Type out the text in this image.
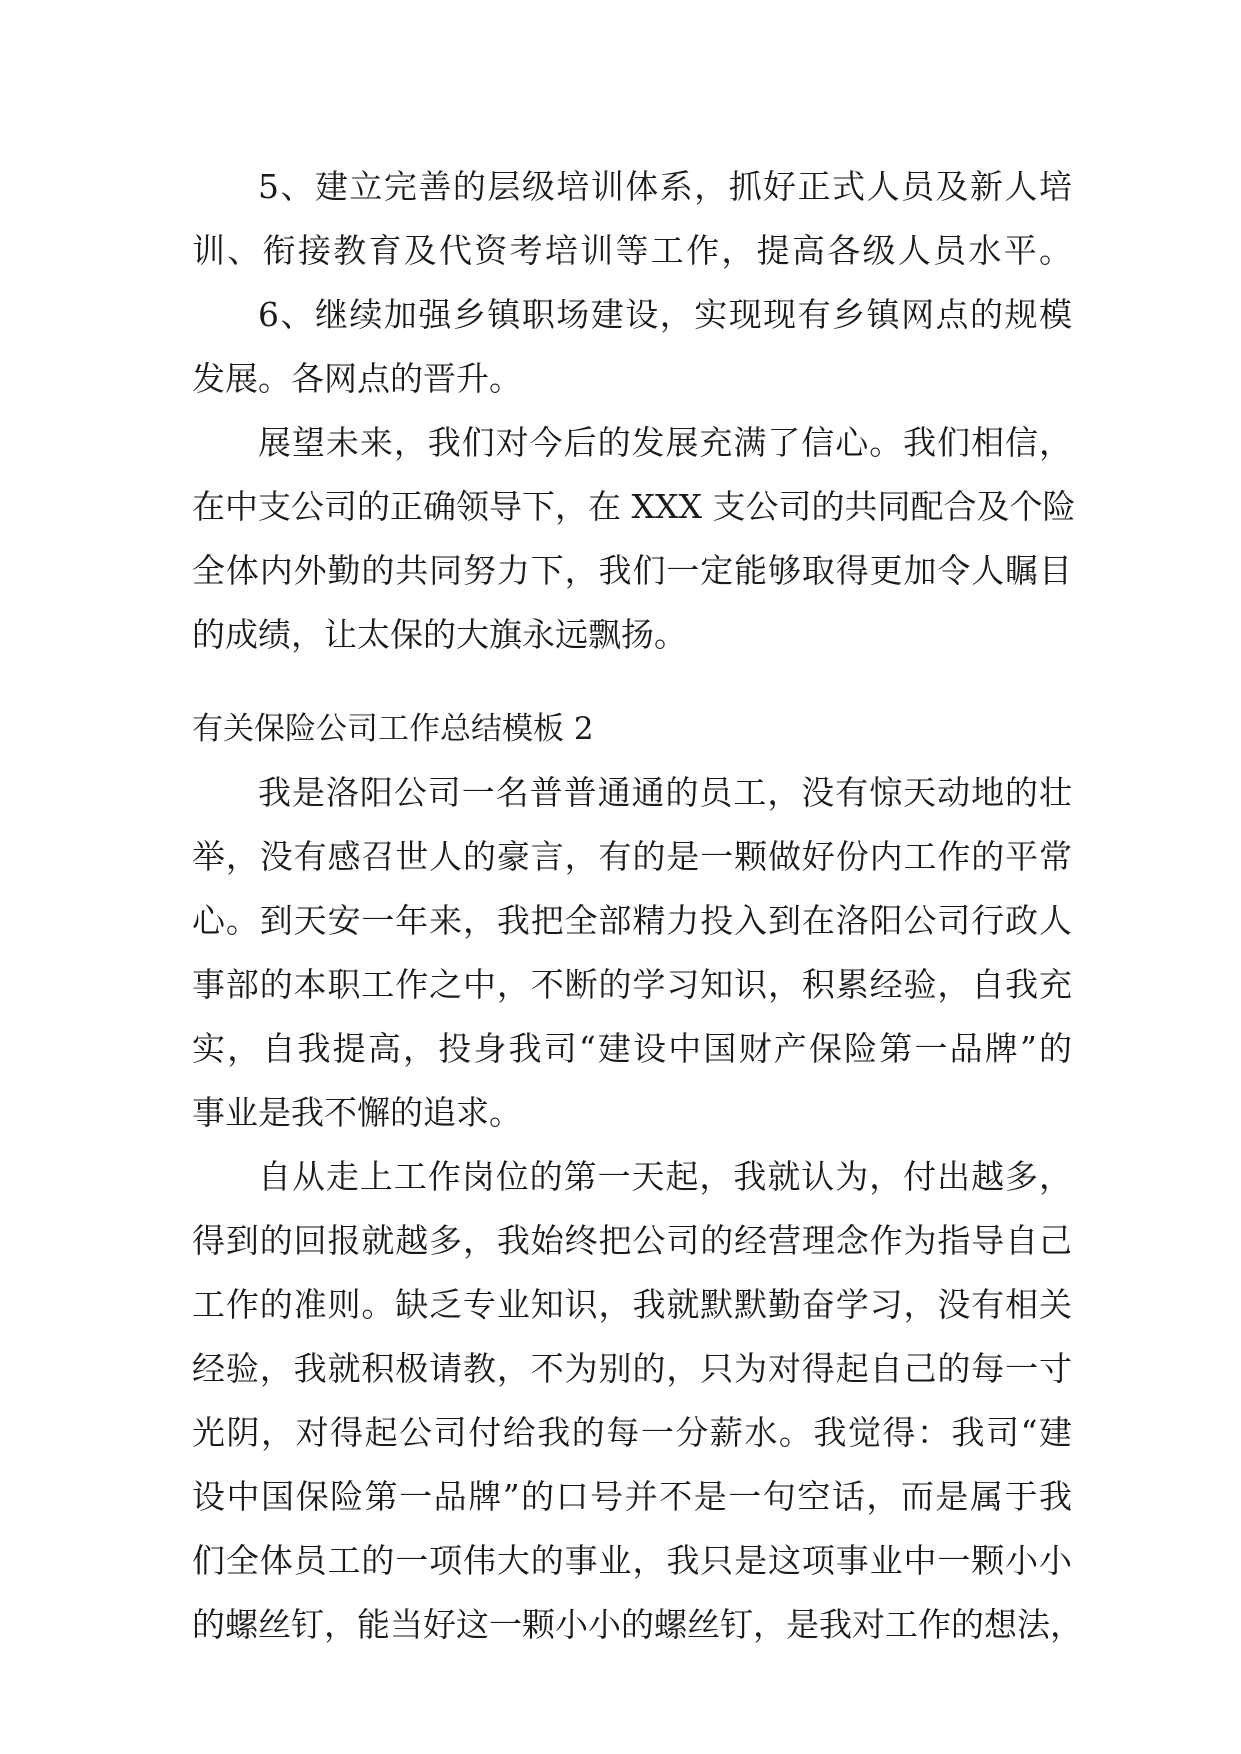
5、建立完善的层级培训体系，抓好正式人员及新人培
训、衔接教育及代资考培训等工作，提高各级人员水平。
6、继续加强乡镇职场建设，实现现有乡镇网点的规模
发展。各网点的晋升。
展望未来，我们对今后的发展充满了信心。我们相信，
在中支公司的正确领导下，在 XXX 支公司的共同配合及个险
全体内外勤的共同努力下，我们一定能够取得更加令人瞩目
的成绩，让太保的大旗永远飘扬。
有关保险公司工作总结模板 2
我是洛阳公司一名普普通通的员工，没有惊天动地的壮
举，没有感召世人的豪言，有的是一颗做好份内工作的平常
心。到天安一年来，我把全部精力投入到在洛阳公司行政人
事部的本职工作之中，不断的学习知识，积累经验，自我充
实，自我提高，投身我司“建设中国财产保险第一品牌”的
事业是我不懈的追求。
自从走上工作岗位的第一天起，我就认为，付出越多，
得到的回报就越多，我始终把公司的经营理念作为指导自己
工作的准则。缺乏专业知识，我就默默勤奋学习，没有相关
经验，我就积极请教，不为别的，只为对得起自己的每一寸
光阴，对得起公司付给我的每一分薪水。我觉得：我司“建
设中国保险第一品牌”的口号并不是一句空话，而是属于我
们全体员工的一项伟大的事业，我只是这项事业中一颗小小
的螺丝钉，能当好这一颗小小的螺丝钉，是我对工作的想法，
